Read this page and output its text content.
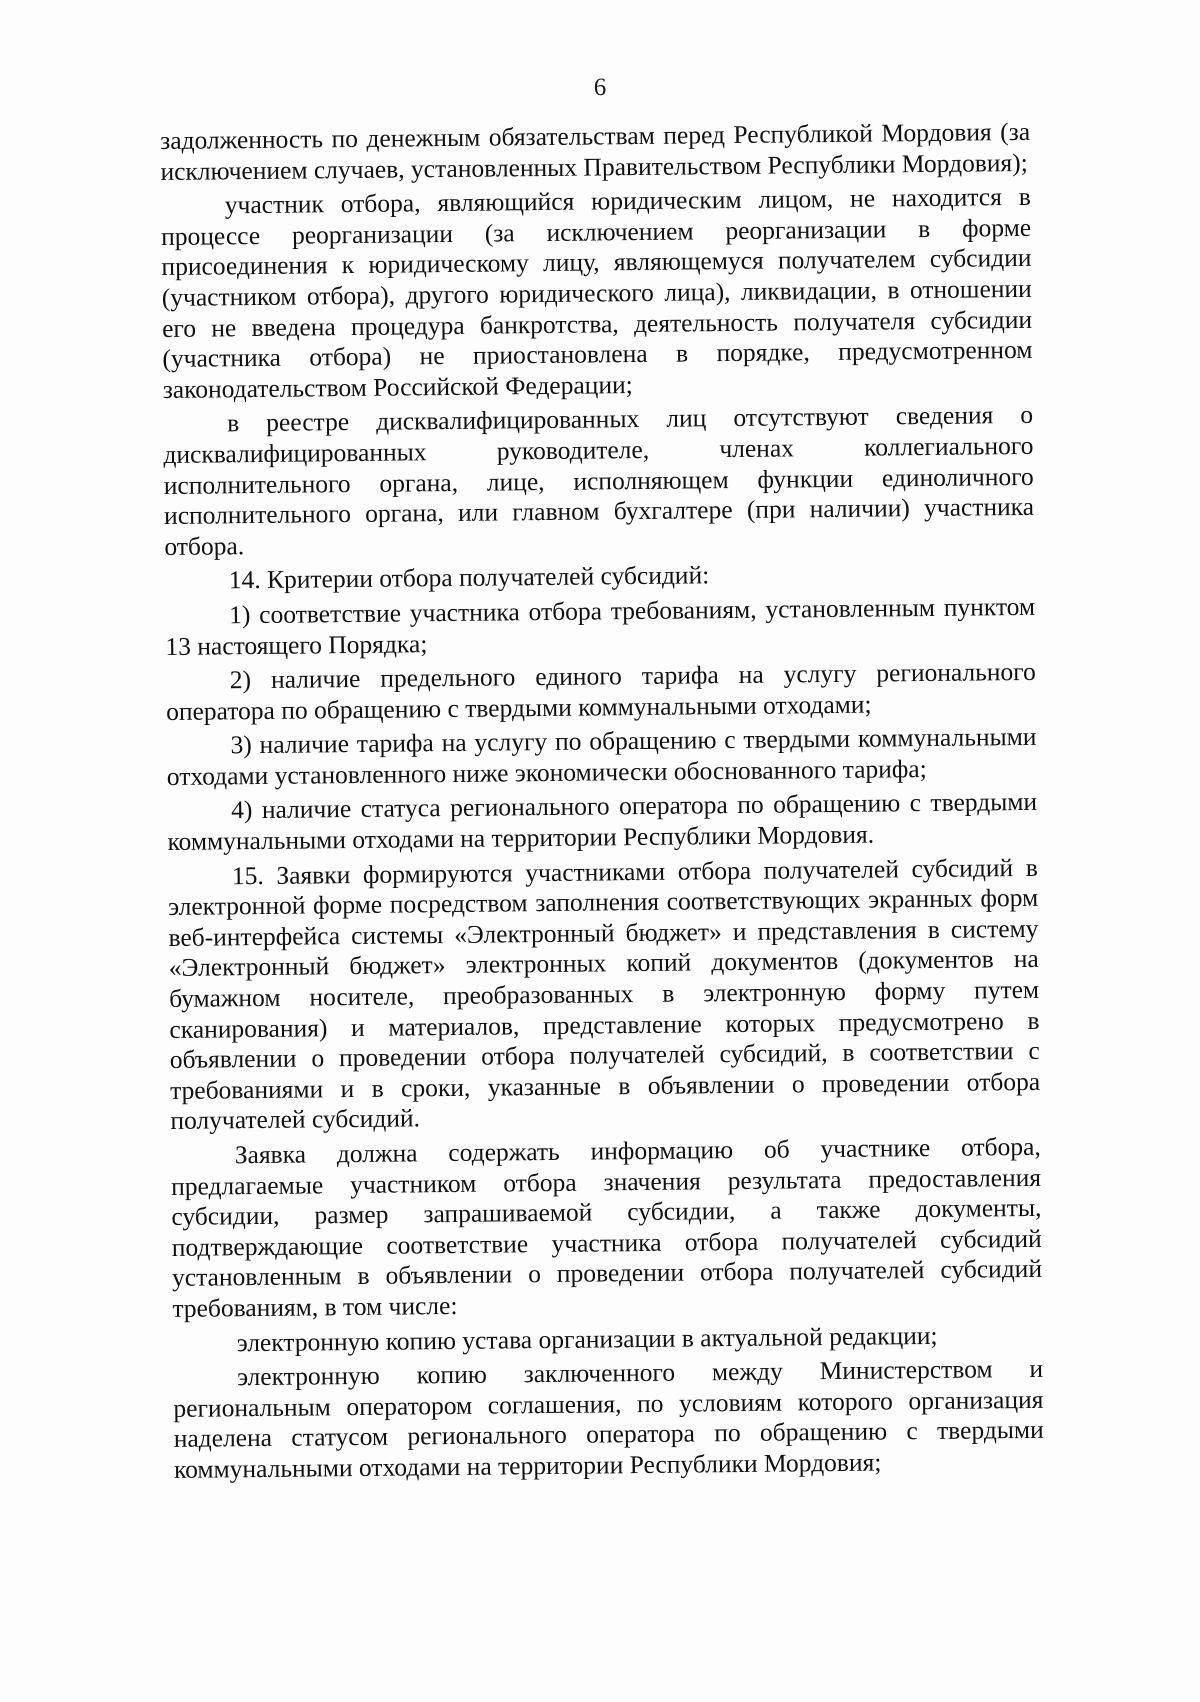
6

задолженность по денежным обязательствам перед Республикой Мордовия (за исключением случаев, установленных Правительством Республики Мордовия);

участник отбора, являющийся юридическим лицом, не находится в процессе реорганизации (за исключением реорганизации в форме присоединения к юридическому лицу, являющемуся получателем субсидии (участником отбора), другого юридического лица), ликвидации, в отношении его не введена процедура банкротства, деятельность получателя субсидии (участника отбора) не приостановлена в порядке, предусмотренном законодательством Российской Федерации;

в реестре дисквалифицированных лиц отсутствуют сведения о дисквалифицированных руководителе, членах коллегиального исполнительного органа, лице, исполняющем функции единоличного исполнительного органа, или главном бухгалтере (при наличии) участника отбора.

14. Критерии отбора получателей субсидий:

1) соответствие участника отбора требованиям, установленным пунктом 13 настоящего Порядка;

2) наличие предельного единого тарифа на услугу регионального оператора по обращению с твердыми коммунальными отходами;

3) наличие тарифа на услугу по обращению с твердыми коммунальными отходами установленного ниже экономически обоснованного тарифа;

4) наличие статуса регионального оператора по обращению с твердыми коммунальными отходами на территории Республики Мордовия.

15. Заявки формируются участниками отбора получателей субсидий в электронной форме посредством заполнения соответствующих экранных форм веб-интерфейса системы «Электронный бюджет» и представления в систему «Электронный бюджет» электронных копий документов (документов на бумажном носителе, преобразованных в электронную форму путем сканирования) и материалов, представление которых предусмотрено в объявлении о проведении отбора получателей субсидий, в соответствии с требованиями и в сроки, указанные в объявлении о проведении отбора получателей субсидий.

Заявка должна содержать информацию об участнике отбора, предлагаемые участником отбора значения результата предоставления субсидии, размер запрашиваемой субсидии, а также документы, подтверждающие соответствие участника отбора получателей субсидий установленным в объявлении о проведении отбора получателей субсидий требованиям, в том числе:

электронную копию устава организации в актуальной редакции;

электронную копию заключенного между Министерством и региональным оператором соглашения, по условиям которого организация наделена статусом регионального оператора по обращению с твердыми коммунальными отходами на территории Республики Мордовия;
